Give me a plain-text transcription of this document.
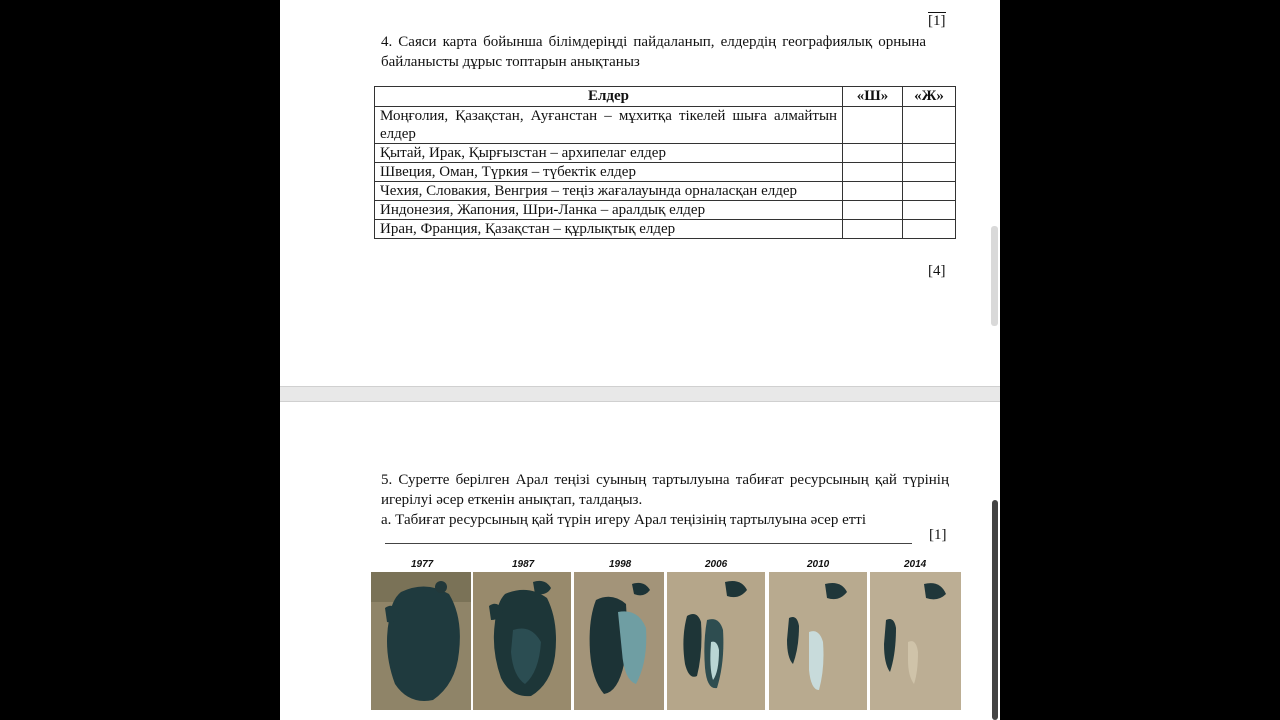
[1]
4. Саяси карта бойынша білімдеріңді пайдаланып, елдердің географиялық орнына байланысты дұрыс топтарын анықтаныз
Елдер	«Ш»	«Ж»
Моңғолия, Қазақстан, Ауғанстан – мұхитқа тікелей шыға алмайтын елдер		
Қытай, Ирак, Қырғызстан – архипелаг елдер		
Швеция, Оман, Түркия – түбектік елдер		
Чехия, Словакия, Венгрия – теңіз жағалауында орналасқан елдер		
Индонезия, Жапония, Шри-Ланка – аралдық елдер		
Иран, Франция, Қазақстан – құрлықтық елдер		
[4]
5. Суретте берілген Арал теңізі суының тартылуына табиғат ресурсының қай түрінің игерілуі әсер еткенін анықтап, талдаңыз.
а. Табиғат ресурсының қай түрін игеру Арал теңізінің тартылуына әсер етті
[1]
1977	1987	1998	2006	2010	2014
